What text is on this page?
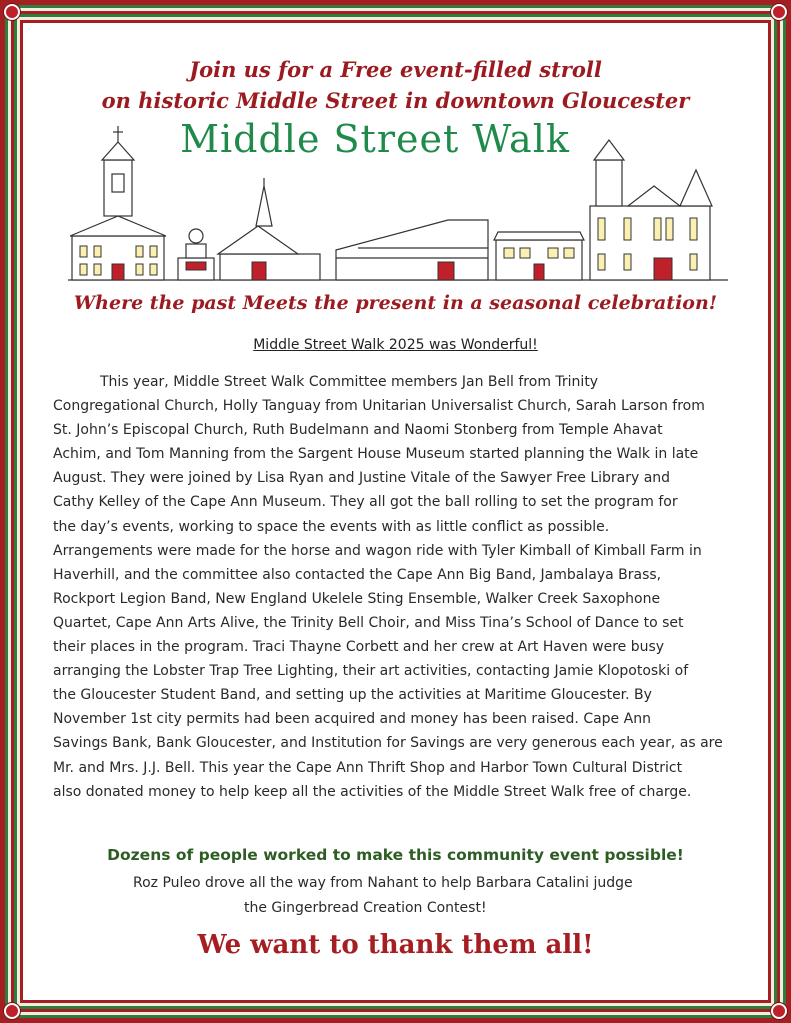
Join us for a Free event-filled stroll
on historic Middle Street in downtown Gloucester
Middle Street Walk
Where the past Meets the present in a seasonal celebration!
Middle Street Walk 2025 was Wonderful!
This year, Middle Street Walk Committee members Jan Bell from Trinity
Congregational Church, Holly Tanguay from Unitarian Universalist Church, Sarah Larson from
St. John’s Episcopal Church, Ruth Budelmann and Naomi Stonberg from Temple Ahavat
Achim, and Tom Manning from the Sargent House Museum started planning the Walk in late
August. They were joined by Lisa Ryan and Justine Vitale of the Sawyer Free Library and
Cathy Kelley of the Cape Ann Museum. They all got the ball rolling to set the program for
the day’s events, working to space the events with as little conflict as possible.
Arrangements were made for the horse and wagon ride with Tyler Kimball of Kimball Farm in
Haverhill, and the committee also contacted the Cape Ann Big Band, Jambalaya Brass,
Rockport Legion Band, New England Ukelele Sting Ensemble, Walker Creek Saxophone
Quartet, Cape Ann Arts Alive, the Trinity Bell Choir, and Miss Tina’s School of Dance to set
their places in the program. Traci Thayne Corbett and her crew at Art Haven were busy
arranging the Lobster Trap Tree Lighting, their art activities, contacting Jamie Klopotoski of
the Gloucester Student Band, and setting up the activities at Maritime Gloucester. By
November 1st city permits had been acquired and money has been raised. Cape Ann
Savings Bank, Bank Gloucester, and Institution for Savings are very generous each year, as are
Mr. and Mrs. J.J. Bell. This year the Cape Ann Thrift Shop and Harbor Town Cultural District
also donated money to help keep all the activities of the Middle Street Walk free of charge.
Dozens of people worked to make this community event possible!
Roz Puleo drove all the way from Nahant to help Barbara Catalini judge
the Gingerbread Creation Contest!
We want to thank them all!
